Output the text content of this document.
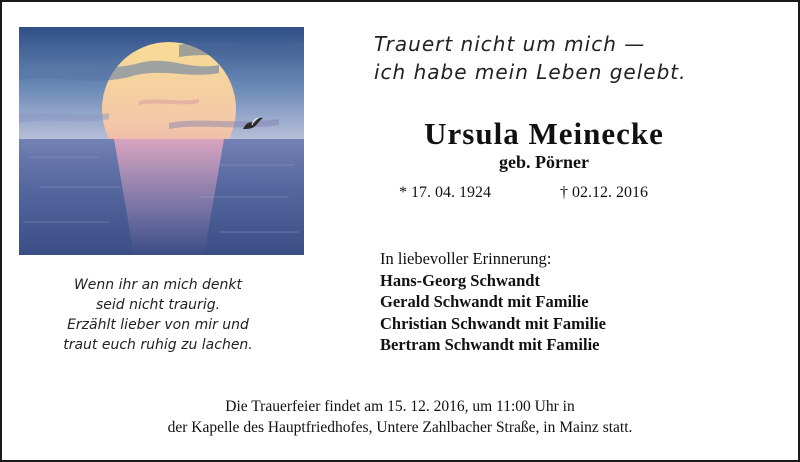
Trauert nicht um mich —
ich habe mein Leben gelebt.
Ursula Meinecke
geb. Pörner
* 17. 04. 1924	† 02.12. 2016
Wenn ihr an mich denkt
seid nicht traurig.
Erzählt lieber von mir und
traut euch ruhig zu lachen.
In liebevoller Erinnerung:
Hans-Georg Schwandt
Gerald Schwandt mit Familie
Christian Schwandt mit Familie
Bertram Schwandt mit Familie
Die Trauerfeier findet am 15. 12. 2016, um 11:00 Uhr in
der Kapelle des Hauptfriedhofes, Untere Zahlbacher Straße, in Mainz statt.
